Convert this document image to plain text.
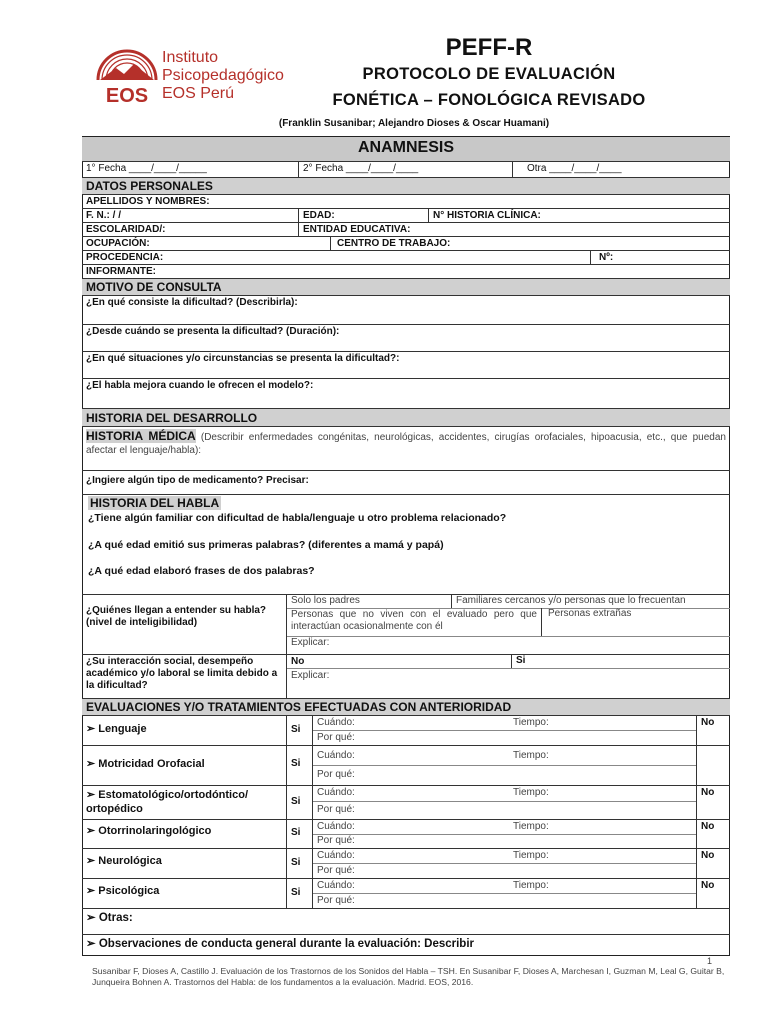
EOS
Instituto
Psicopedagógico
EOS Perú
PEFF-R
PROTOCOLO DE EVALUACIÓN
FONÉTICA – FONOLÓGICA REVISADO
(Franklin Susanibar; Alejandro Dioses & Oscar Huamani)
ANAMNESIS
1° Fecha ____/____/_____	2° Fecha ____/____/____	Otra ____/____/____
DATOS PERSONALES
APELLIDOS Y NOMBRES:
F. N.: / /	EDAD:	N° HISTORIA CLÍNICA:
ESCOLARIDAD/:	ENTIDAD EDUCATIVA:
OCUPACIÓN:	CENTRO DE TRABAJO:
PROCEDENCIA:	Nº:
INFORMANTE:
MOTIVO DE CONSULTA
¿En qué consiste la dificultad? (Describirla):
¿Desde cuándo se presenta la dificultad? (Duración):
¿En qué situaciones y/o circunstancias se presenta la dificultad?:
¿El habla mejora cuando le ofrecen el modelo?:
HISTORIA DEL DESARROLLO
HISTORIA MÉDICA (Describir enfermedades congénitas, neurológicas, accidentes, cirugías orofaciales, hipoacusia, etc., que puedan afectar el lenguaje/habla):
¿Ingiere algún tipo de medicamento? Precisar:
HISTORIA DEL HABLA
¿Tiene algún familiar con dificultad de habla/lenguaje u otro problema relacionado?
¿A qué edad emitió sus primeras palabras? (diferentes a mamá y papá)
¿A qué edad elaboró frases de dos palabras?
¿Quiénes llegan a entender su habla?
(nivel de inteligibilidad)
Solo los padres	Familiares cercanos y/o personas que lo frecuentan
Personas que no viven con el evaluado pero que interactúan ocasionalmente con él
Personas extrañas
Explicar:
¿Su interacción social, desempeño académico y/o laboral se limita debido a la dificultad?
No	Si
Explicar:
EVALUACIONES Y/O TRATAMIENTOS EFECTUADAS CON ANTERIORIDAD
➢ Lenguaje	Si
Cuándo:	Tiempo:
Por qué:
No
➢ Motricidad Orofacial	Si
Cuándo:	Tiempo:
Por qué:
➢ Estomatológico/ortodóntico/ ortopédico
Si
Cuándo:	Tiempo:
Por qué:
No
➢ Otorrinolaringológico	Si
Cuándo:	Tiempo:
Por qué:
No
➢ Neurológica	Si
Cuándo:	Tiempo:
Por qué:
No
➢ Psicológica	Si
Cuándo:	Tiempo:
Por qué:
No
➢ Otras:
➢ Observaciones de conducta general durante la evaluación: Describir
1
Susanibar F, Dioses A, Castillo J. Evaluación de los Trastornos de los Sonidos del Habla – TSH. En Susanibar F, Dioses A, Marchesan I, Guzman M, Leal G, Guitar B, Junqueira Bohnen A. Trastornos del Habla: de los fundamentos a la evaluación. Madrid. EOS, 2016.
